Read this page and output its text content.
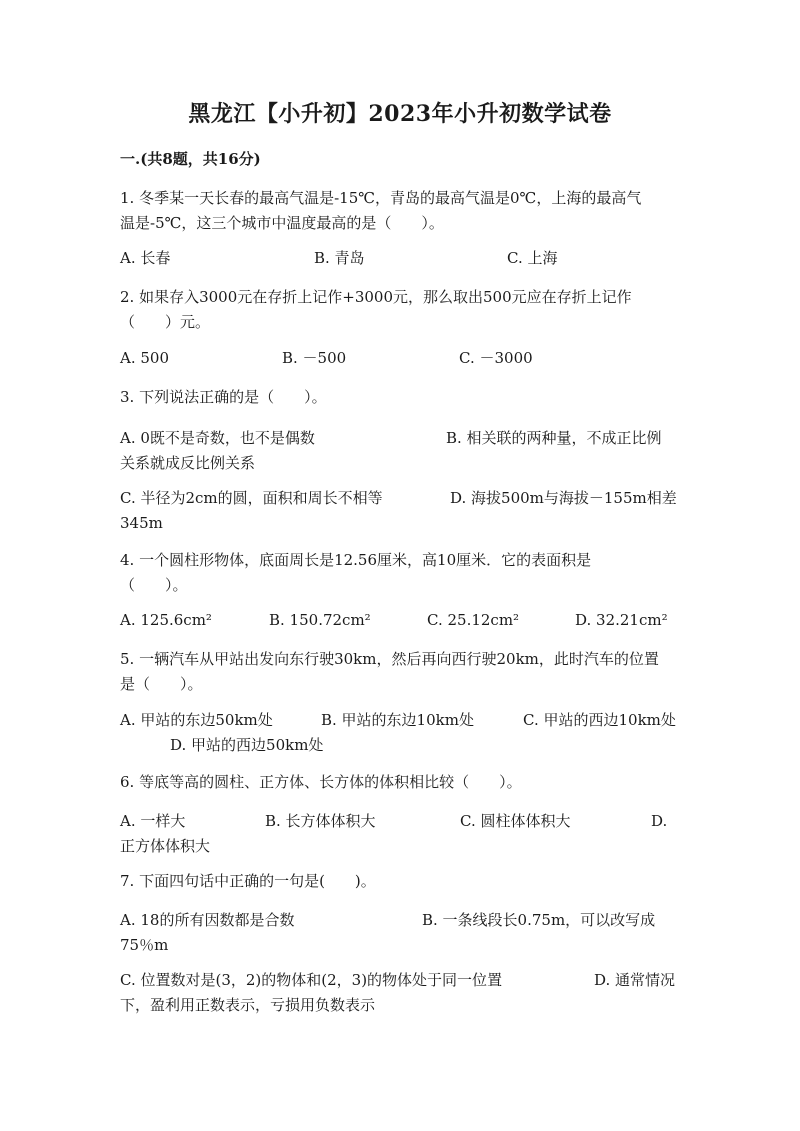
黑龙江【小升初】2023年小升初数学试卷
一.(共8题，共16分)
1. 冬季某一天长春的最高气温是-15℃，青岛的最高气温是0℃，上海的最高气
温是-5℃，这三个城市中温度最高的是（　　）。
A. 长春	B. 青岛	C. 上海
2. 如果存入3000元在存折上记作+3000元，那么取出500元应在存折上记作
（　　）元。
A. 500	B. －500	C. －3000
3. 下列说法正确的是（　　）。
A. 0既不是奇数，也不是偶数	B. 相关联的两种量，不成正比例
关系就成反比例关系
C. 半径为2cm的圆，面积和周长不相等	D. 海拔500m与海拔－155m相差
345m
4. 一个圆柱形物体，底面周长是12.56厘米，高10厘米．它的表面积是
（　　）。
A. 125.6cm²	B. 150.72cm²	C. 25.12cm²	D. 32.21cm²
5. 一辆汽车从甲站出发向东行驶30km，然后再向西行驶20km，此时汽车的位置
是（　　）。
A. 甲站的东边50km处	B. 甲站的东边10km处	C. 甲站的西边10km处
D. 甲站的西边50km处
6. 等底等高的圆柱、正方体、长方体的体积相比较（　　）。
A. 一样大	B. 长方体体积大	C. 圆柱体体积大	D.
正方体体积大
7. 下面四句话中正确的一句是(　　)。
A. 18的所有因数都是合数	B. 一条线段长0.75m，可以改写成
75％m
C. 位置数对是(3，2)的物体和(2，3)的物体处于同一位置	D. 通常情况
下，盈利用正数表示，亏损用负数表示
